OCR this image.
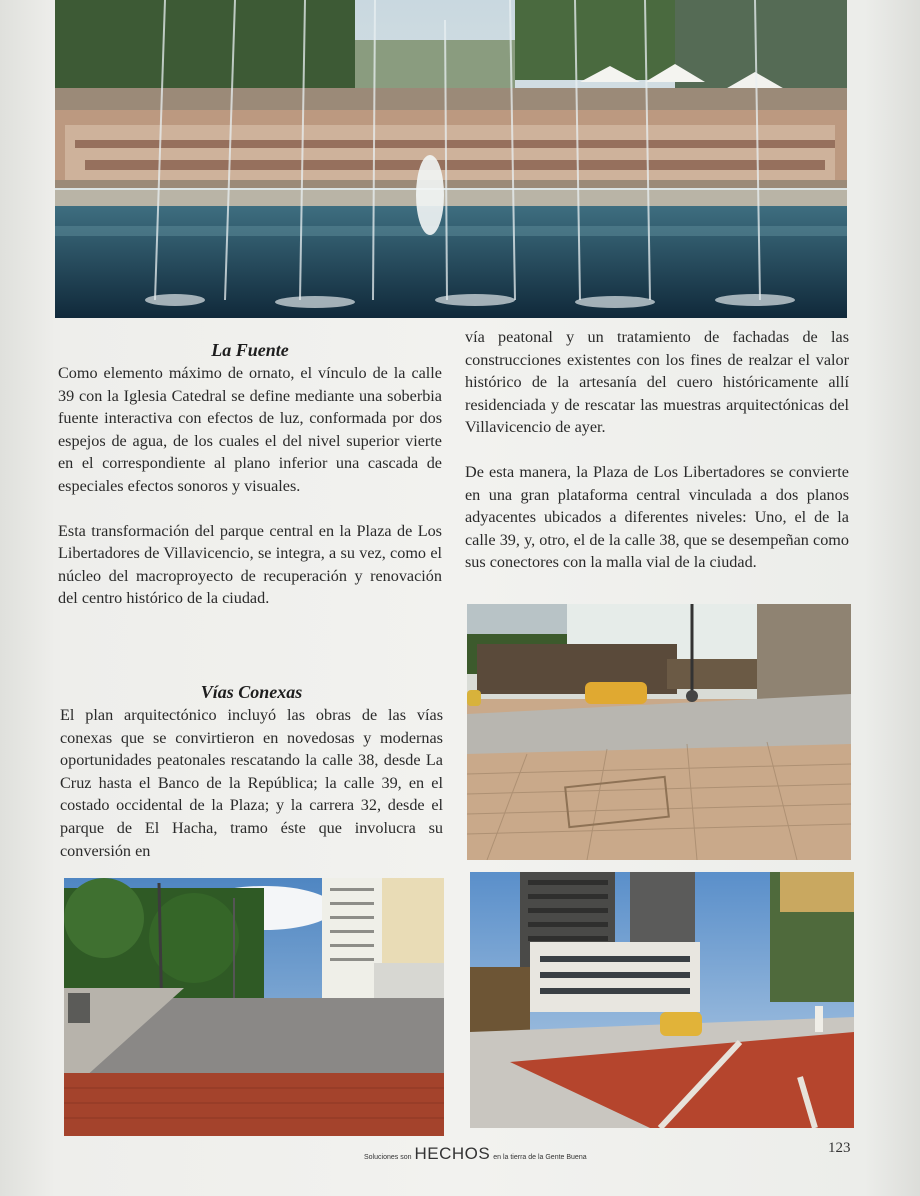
La Fuente

Como elemento máximo de ornato, el vínculo de la calle 39 con la Iglesia Catedral se define mediante una soberbia fuente interactiva con efectos de luz, conformada por dos espejos de agua, de los cuales el del nivel superior vierte en el correspondiente al plano inferior una cascada de especiales efectos sonoros y visuales.

Esta transformación del parque central en la Plaza de Los Libertadores de Villavicencio, se integra, a su vez, como el núcleo del macroproyecto de recuperación y renovación del centro histórico de la ciudad.

Vías Conexas

El plan arquitectónico incluyó las obras de las vías conexas que se convirtieron en novedosas y modernas oportunidades peatonales rescatando la calle 38, desde La Cruz hasta el Banco de la República; la calle 39, en el costado occidental de la Plaza; y la carrera 32, desde el parque de El Hacha, tramo éste que involucra su conversión en

vía peatonal y un tratamiento de fachadas de las construcciones existentes con los fines de realzar el valor histórico de la artesanía del cuero históricamente allí residenciada y de rescatar las muestras arquitectónicas del Villavicencio de ayer.

De esta manera, la Plaza de Los Libertadores se convierte en una gran plataforma central vinculada a dos planos adyacentes ubicados a diferentes niveles: Uno, el de la calle 39, y, otro, el de la calle 38, que se desempeñan como sus conectores con la malla vial de la ciudad.

Soluciones son HECHOS en la tierra de la Gente Buena
123
